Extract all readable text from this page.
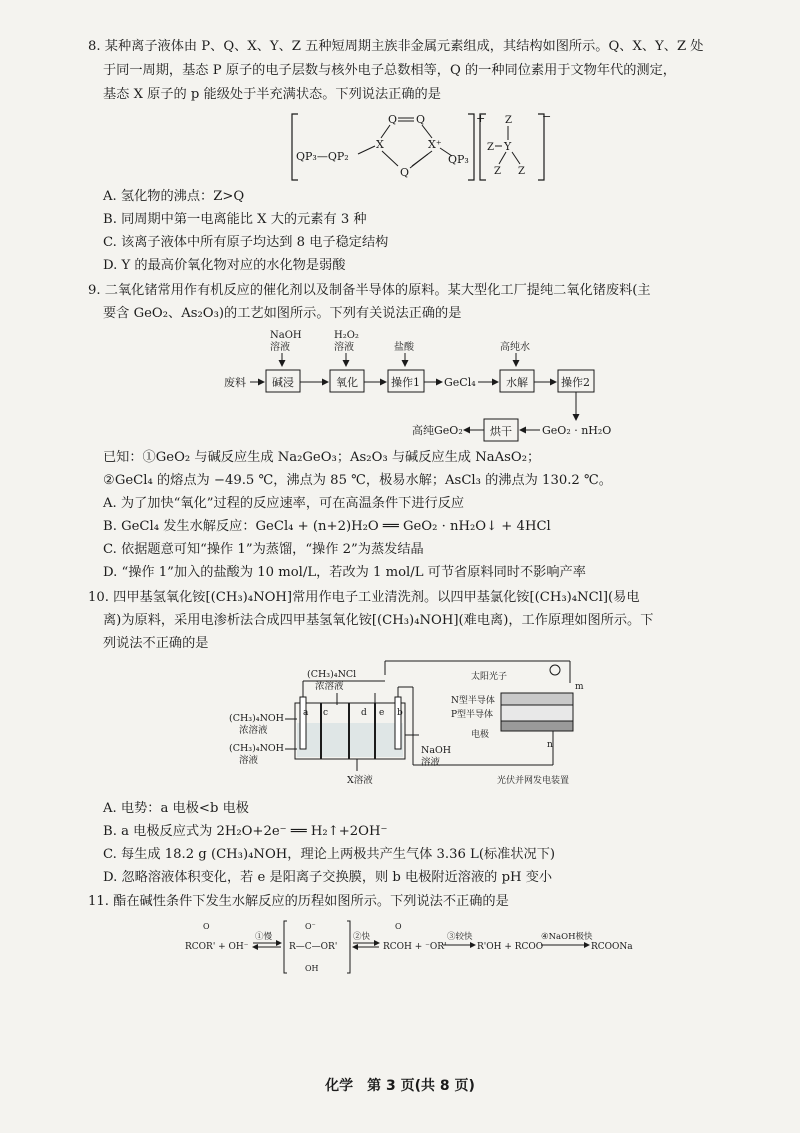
8. 某种离子液体由 P、Q、X、Y、Z 五种短周期主族非金属元素组成，其结构如图所示。Q、X、Y、Z 处
于同一周期，基态 P 原子的电子层数与核外电子总数相等，Q 的一种同位素用于文物年代的测定，
基态 X 原子的 p 能级处于半充满状态。下列说法正确的是
+
QP₃—QP₂
X
Q Q
X⁺
Q
QP₃
−
Z
Y
Z
Z
Z
A. 氢化物的沸点：Z>Q
B. 同周期中第一电离能比 X 大的元素有 3 种
C. 该离子液体中所有原子均达到 8 电子稳定结构
D. Y 的最高价氧化物对应的水化物是弱酸
9. 二氧化锗常用作有机反应的催化剂以及制备半导体的原料。某大型化工厂提纯二氧化锗废料(主
要含 GeO₂、As₂O₃)的工艺如图所示。下列有关说法正确的是
NaOH
溶液
H₂O₂
溶液	盐酸	高纯水
废料 碱浸	氧化	操作1 GeCl₄	水解	操作2
GeO₂ · nH₂O
烘干
高纯GeO₂
已知：①GeO₂ 与碱反应生成 Na₂GeO₃；As₂O₃ 与碱反应生成 NaAsO₂；
②GeCl₄ 的熔点为 −49.5 ℃，沸点为 85 ℃，极易水解；AsCl₃ 的沸点为 130.2 ℃。
A. 为了加快“氧化”过程的反应速率，可在高温条件下进行反应
B. GeCl₄ 发生水解反应：GeCl₄ + (n+2)H₂O ══ GeO₂ · nH₂O↓ + 4HCl
C. 依据题意可知“操作 1”为蒸馏，“操作 2”为蒸发结晶
D. “操作 1”加入的盐酸为 10 mol/L，若改为 1 mol/L 可节省原料同时不影响产率
10. 四甲基氢氧化铵[(CH₃)₄NOH]常用作电子工业清洗剂。以四甲基氯化铵[(CH₃)₄NCl](易电
离)为原料，采用电渗析法合成四甲基氢氧化铵[(CH₃)₄NOH](难电离)，工作原理如图所示。下
列说法不正确的是
(CH₃)₄NCl
浓溶液
a c	d e b
(CH₃)₄NOH
浓溶液
(CH₃)₄NOH
溶液
NaOH
溶液
X溶液
太阳光子
N型半导体
P型半导体
电极
m
n
光伏并网发电装置
A. 电势：a 电极<b 电极
B. a 电极反应式为 2H₂O+2e⁻ ══ H₂↑+2OH⁻
C. 每生成 18.2 g (CH₃)₄NOH，理论上两极共产生气体 3.36 L(标准状况下)
D. 忽略溶液体积变化，若 e 是阳离子交换膜，则 b 电极附近溶液的 pH 变小
11. 酯在碱性条件下发生水解反应的历程如图所示。下列说法不正确的是
O
RCOR' + OH⁻
①慢
O⁻
R—C—OR'
OH
②快
O
RCOH + ⁻OR'
③较快
R'OH + RCOO⁻
④NaOH极快
RCOONa
化学　第 3 页(共 8 页)
